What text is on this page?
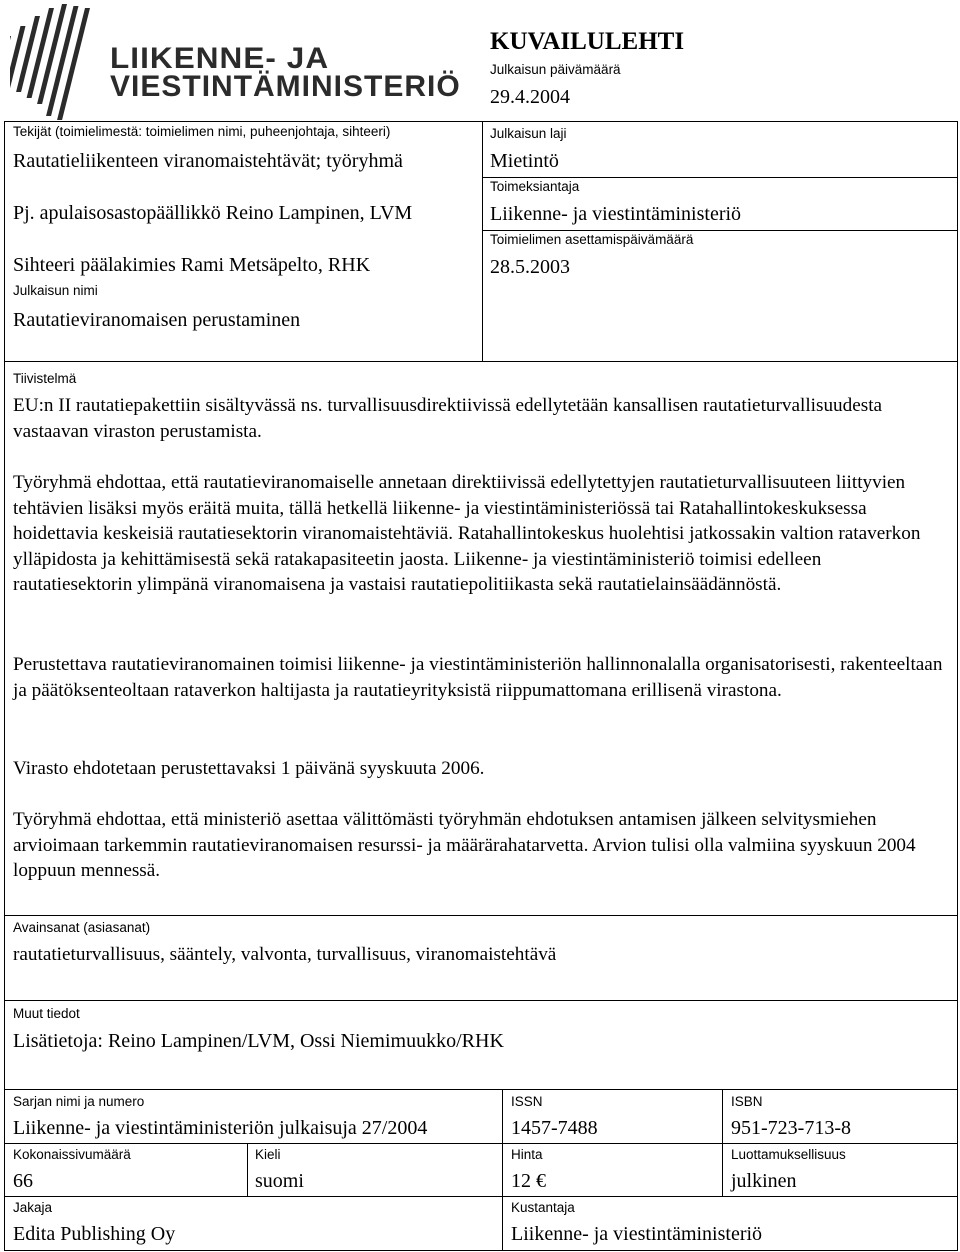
LIIKENNE- JA
VIESTINTÄMINISTERIÖ
KUVAILULEHTI
Julkaisun päivämäärä
29.4.2004
Tekijät (toimielimestä: toimielimen nimi, puheenjohtaja, sihteeri)
Rautatieliikenteen viranomaistehtävät; työryhmä
Pj. apulaisosastopäällikkö Reino Lampinen, LVM
Sihteeri päälakimies Rami Metsäpelto, RHK
Julkaisun nimi
Rautatieviranomaisen perustaminen
Julkaisun laji
Mietintö
Toimeksiantaja
Liikenne- ja viestintäministeriö
Toimielimen asettamispäivämäärä
28.5.2003
Tiivistelmä
EU:n II rautatiepakettiin sisältyvässä ns. turvallisuusdirektiivissä edellytetään kansallisen rautatieturvallisuudesta vastaavan viraston perustamista.
Työryhmä ehdottaa, että rautatieviranomaiselle annetaan direktiivissä edellytettyjen rautatieturvallisuuteen liittyvien tehtävien lisäksi myös eräitä muita, tällä hetkellä liikenne- ja viestintäministeriössä tai Ratahallintokeskuksessa hoidettavia keskeisiä rautatiesektorin viranomaistehtäviä. Ratahallintokeskus huolehtisi jatkossakin valtion rataverkon ylläpidosta ja kehittämisestä sekä ratakapasiteetin jaosta. Liikenne- ja viestintäministeriö toimisi edelleen rautatiesektorin ylimpänä viranomaisena ja vastaisi rautatiepolitiikasta sekä rautatielainsäädännöstä.
Perustettava rautatieviranomainen toimisi liikenne- ja viestintäministeriön hallinnonalalla organisatorisesti, rakenteeltaan ja päätöksenteoltaan rataverkon haltijasta ja rautatieyrityksistä riippumattomana erillisenä virastona.
Virasto ehdotetaan perustettavaksi 1 päivänä syyskuuta 2006.
Työryhmä ehdottaa, että ministeriö asettaa välittömästi työryhmän ehdotuksen antamisen jälkeen selvitysmiehen arvioimaan tarkemmin rautatieviranomaisen resurssi- ja määrärahatarvetta. Arvion tulisi olla valmiina syyskuun 2004 loppuun mennessä.
Avainsanat (asiasanat)
rautatieturvallisuus, sääntely, valvonta, turvallisuus, viranomaistehtävä
Muut tiedot
Lisätietoja: Reino Lampinen/LVM, Ossi Niemimuukko/RHK
Sarjan nimi ja numero
Liikenne- ja viestintäministeriön julkaisuja 27/2004
ISSN
1457-7488
ISBN
951-723-713-8
Kokonaissivumäärä
66
Kieli
suomi
Hinta
12 €
Luottamuksellisuus
julkinen
Jakaja
Edita Publishing Oy
Kustantaja
Liikenne- ja viestintäministeriö
